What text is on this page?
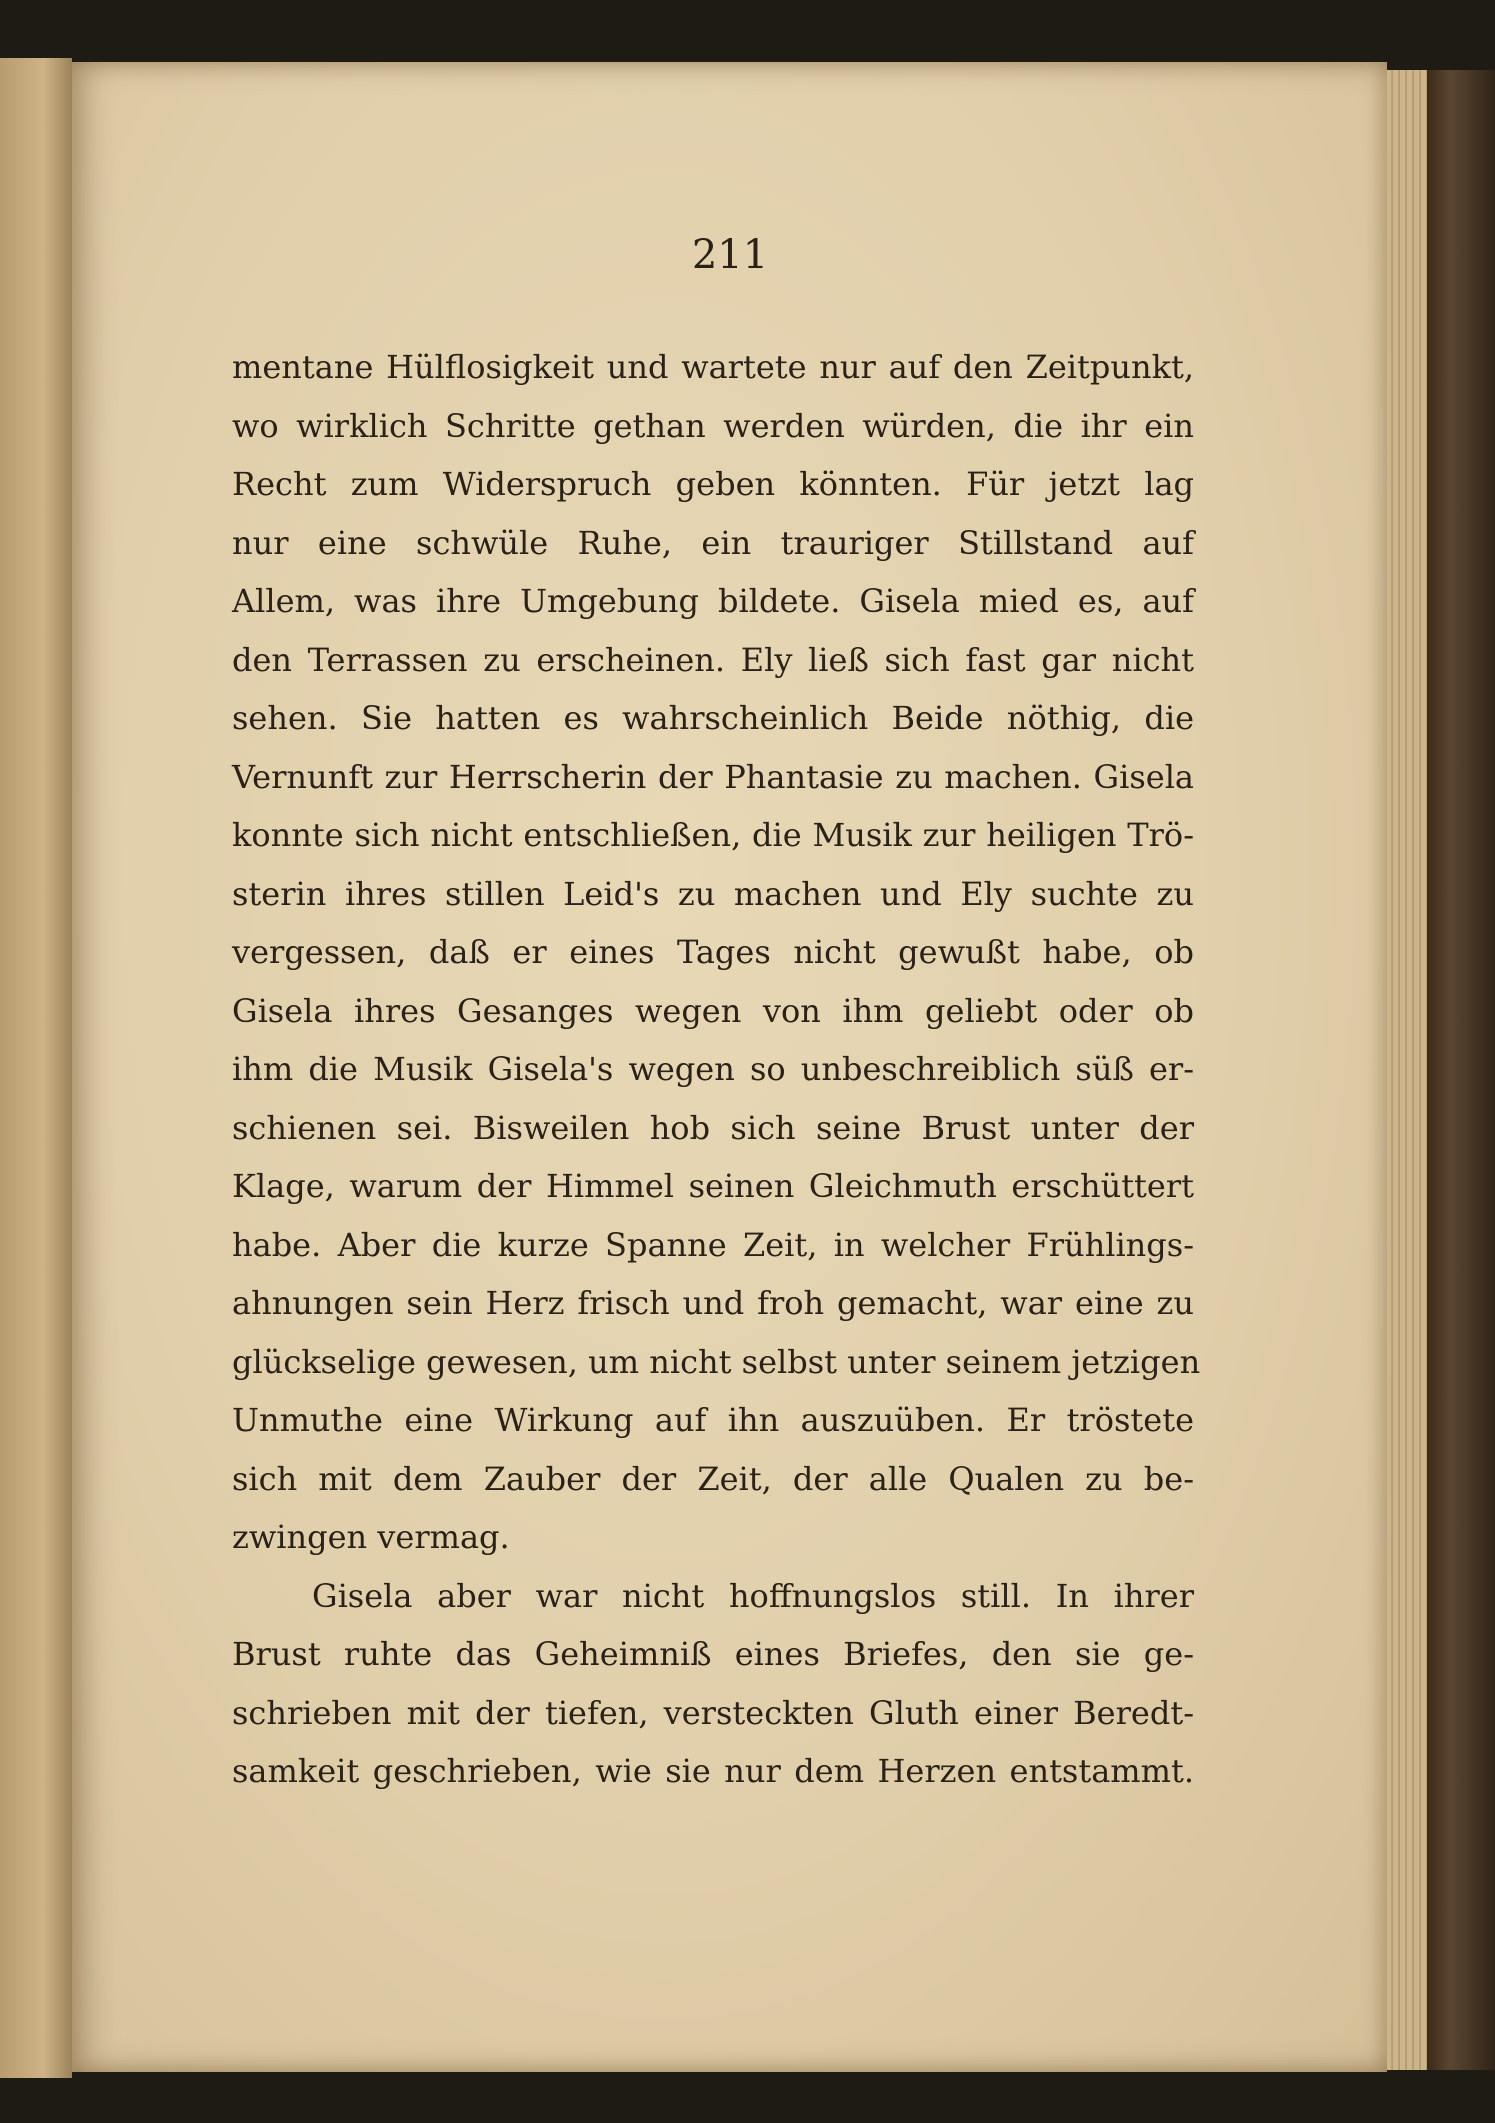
211
mentane Hülflosigkeit und wartete nur auf den Zeitpunkt,
wo wirklich Schritte gethan werden würden, die ihr ein
Recht zum Widerspruch geben könnten. Für jetzt lag
nur eine schwüle Ruhe, ein trauriger Stillstand auf
Allem, was ihre Umgebung bildete. Gisela mied es, auf
den Terrassen zu erscheinen. Ely ließ sich fast gar nicht
sehen. Sie hatten es wahrscheinlich Beide nöthig, die
Vernunft zur Herrscherin der Phantasie zu machen. Gisela
konnte sich nicht entschließen, die Musik zur heiligen Trö-
sterin ihres stillen Leid's zu machen und Ely suchte zu
vergessen, daß er eines Tages nicht gewußt habe, ob
Gisela ihres Gesanges wegen von ihm geliebt oder ob
ihm die Musik Gisela's wegen so unbeschreiblich süß er-
schienen sei. Bisweilen hob sich seine Brust unter der
Klage, warum der Himmel seinen Gleichmuth erschüttert
habe. Aber die kurze Spanne Zeit, in welcher Frühlings-
ahnungen sein Herz frisch und froh gemacht, war eine zu
glückselige gewesen, um nicht selbst unter seinem jetzigen
Unmuthe eine Wirkung auf ihn auszuüben. Er tröstete
sich mit dem Zauber der Zeit, der alle Qualen zu be-
zwingen vermag.
Gisela aber war nicht hoffnungslos still. In ihrer
Brust ruhte das Geheimniß eines Briefes, den sie ge-
schrieben mit der tiefen, versteckten Gluth einer Beredt-
samkeit geschrieben, wie sie nur dem Herzen entstammt.
